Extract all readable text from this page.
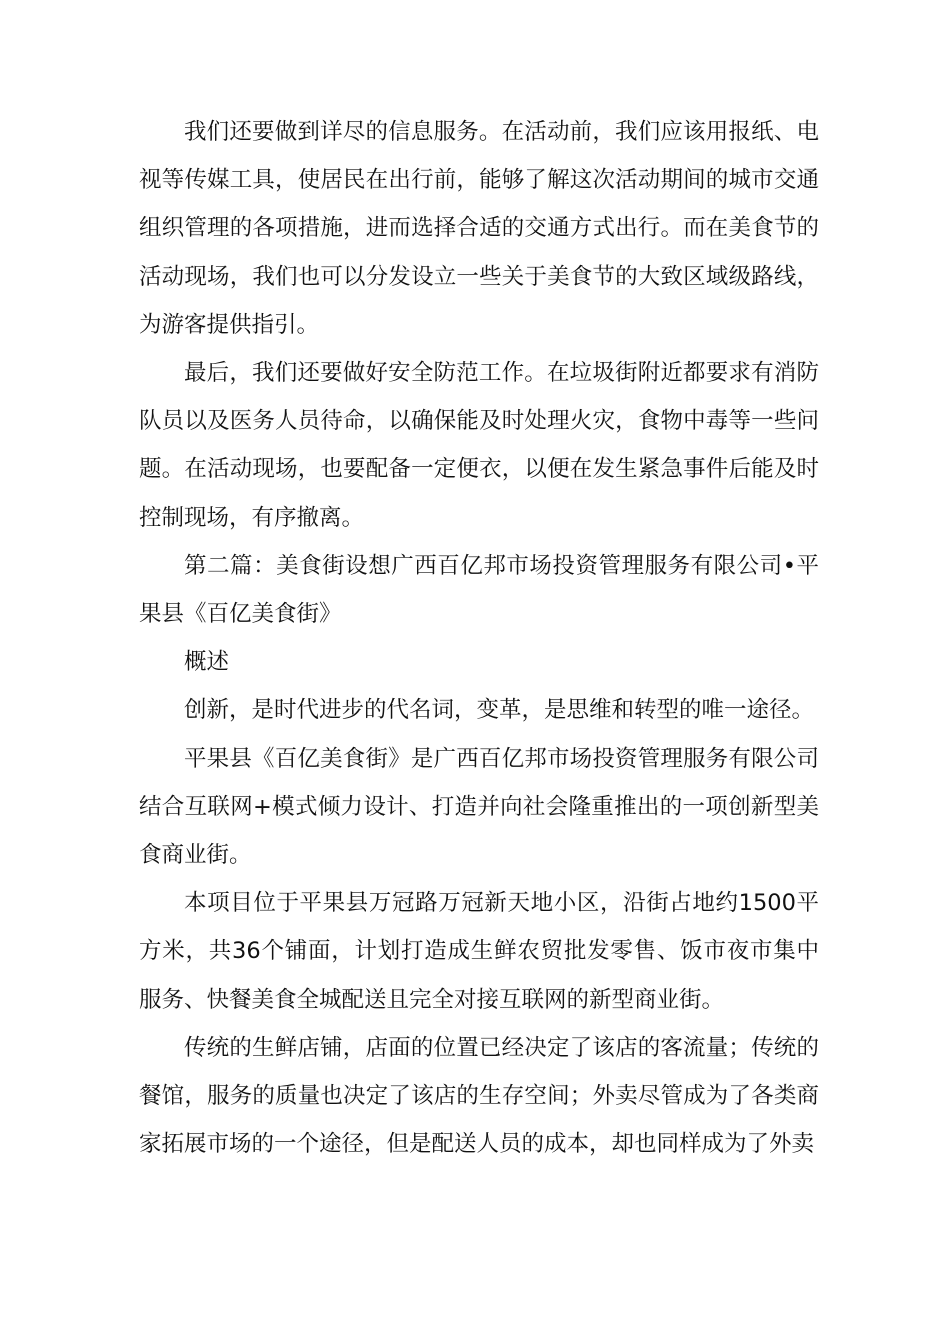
我们还要做到详尽的信息服务。在活动前，我们应该用报纸、电视等传媒工具，使居民在出行前，能够了解这次活动期间的城市交通组织管理的各项措施，进而选择合适的交通方式出行。而在美食节的活动现场，我们也可以分发设立一些关于美食节的大致区域级路线，为游客提供指引。

最后，我们还要做好安全防范工作。在垃圾街附近都要求有消防队员以及医务人员待命，以确保能及时处理火灾，食物中毒等一些问题。在活动现场，也要配备一定便衣，以便在发生紧急事件后能及时控制现场，有序撤离。

第二篇：美食街设想广西百亿邦市场投资管理服务有限公司•平果县《百亿美食街》

概述

创新，是时代进步的代名词，变革，是思维和转型的唯一途径。

平果县《百亿美食街》是广西百亿邦市场投资管理服务有限公司结合互联网+模式倾力设计、打造并向社会隆重推出的一项创新型美食商业街。

本项目位于平果县万冠路万冠新天地小区，沿街占地约1500平方米，共36个铺面，计划打造成生鲜农贸批发零售、饭市夜市集中服务、快餐美食全城配送且完全对接互联网的新型商业街。

传统的生鲜店铺，店面的位置已经决定了该店的客流量；传统的餐馆，服务的质量也决定了该店的生存空间；外卖尽管成为了各类商家拓展市场的一个途径，但是配送人员的成本，却也同样成为了外卖
